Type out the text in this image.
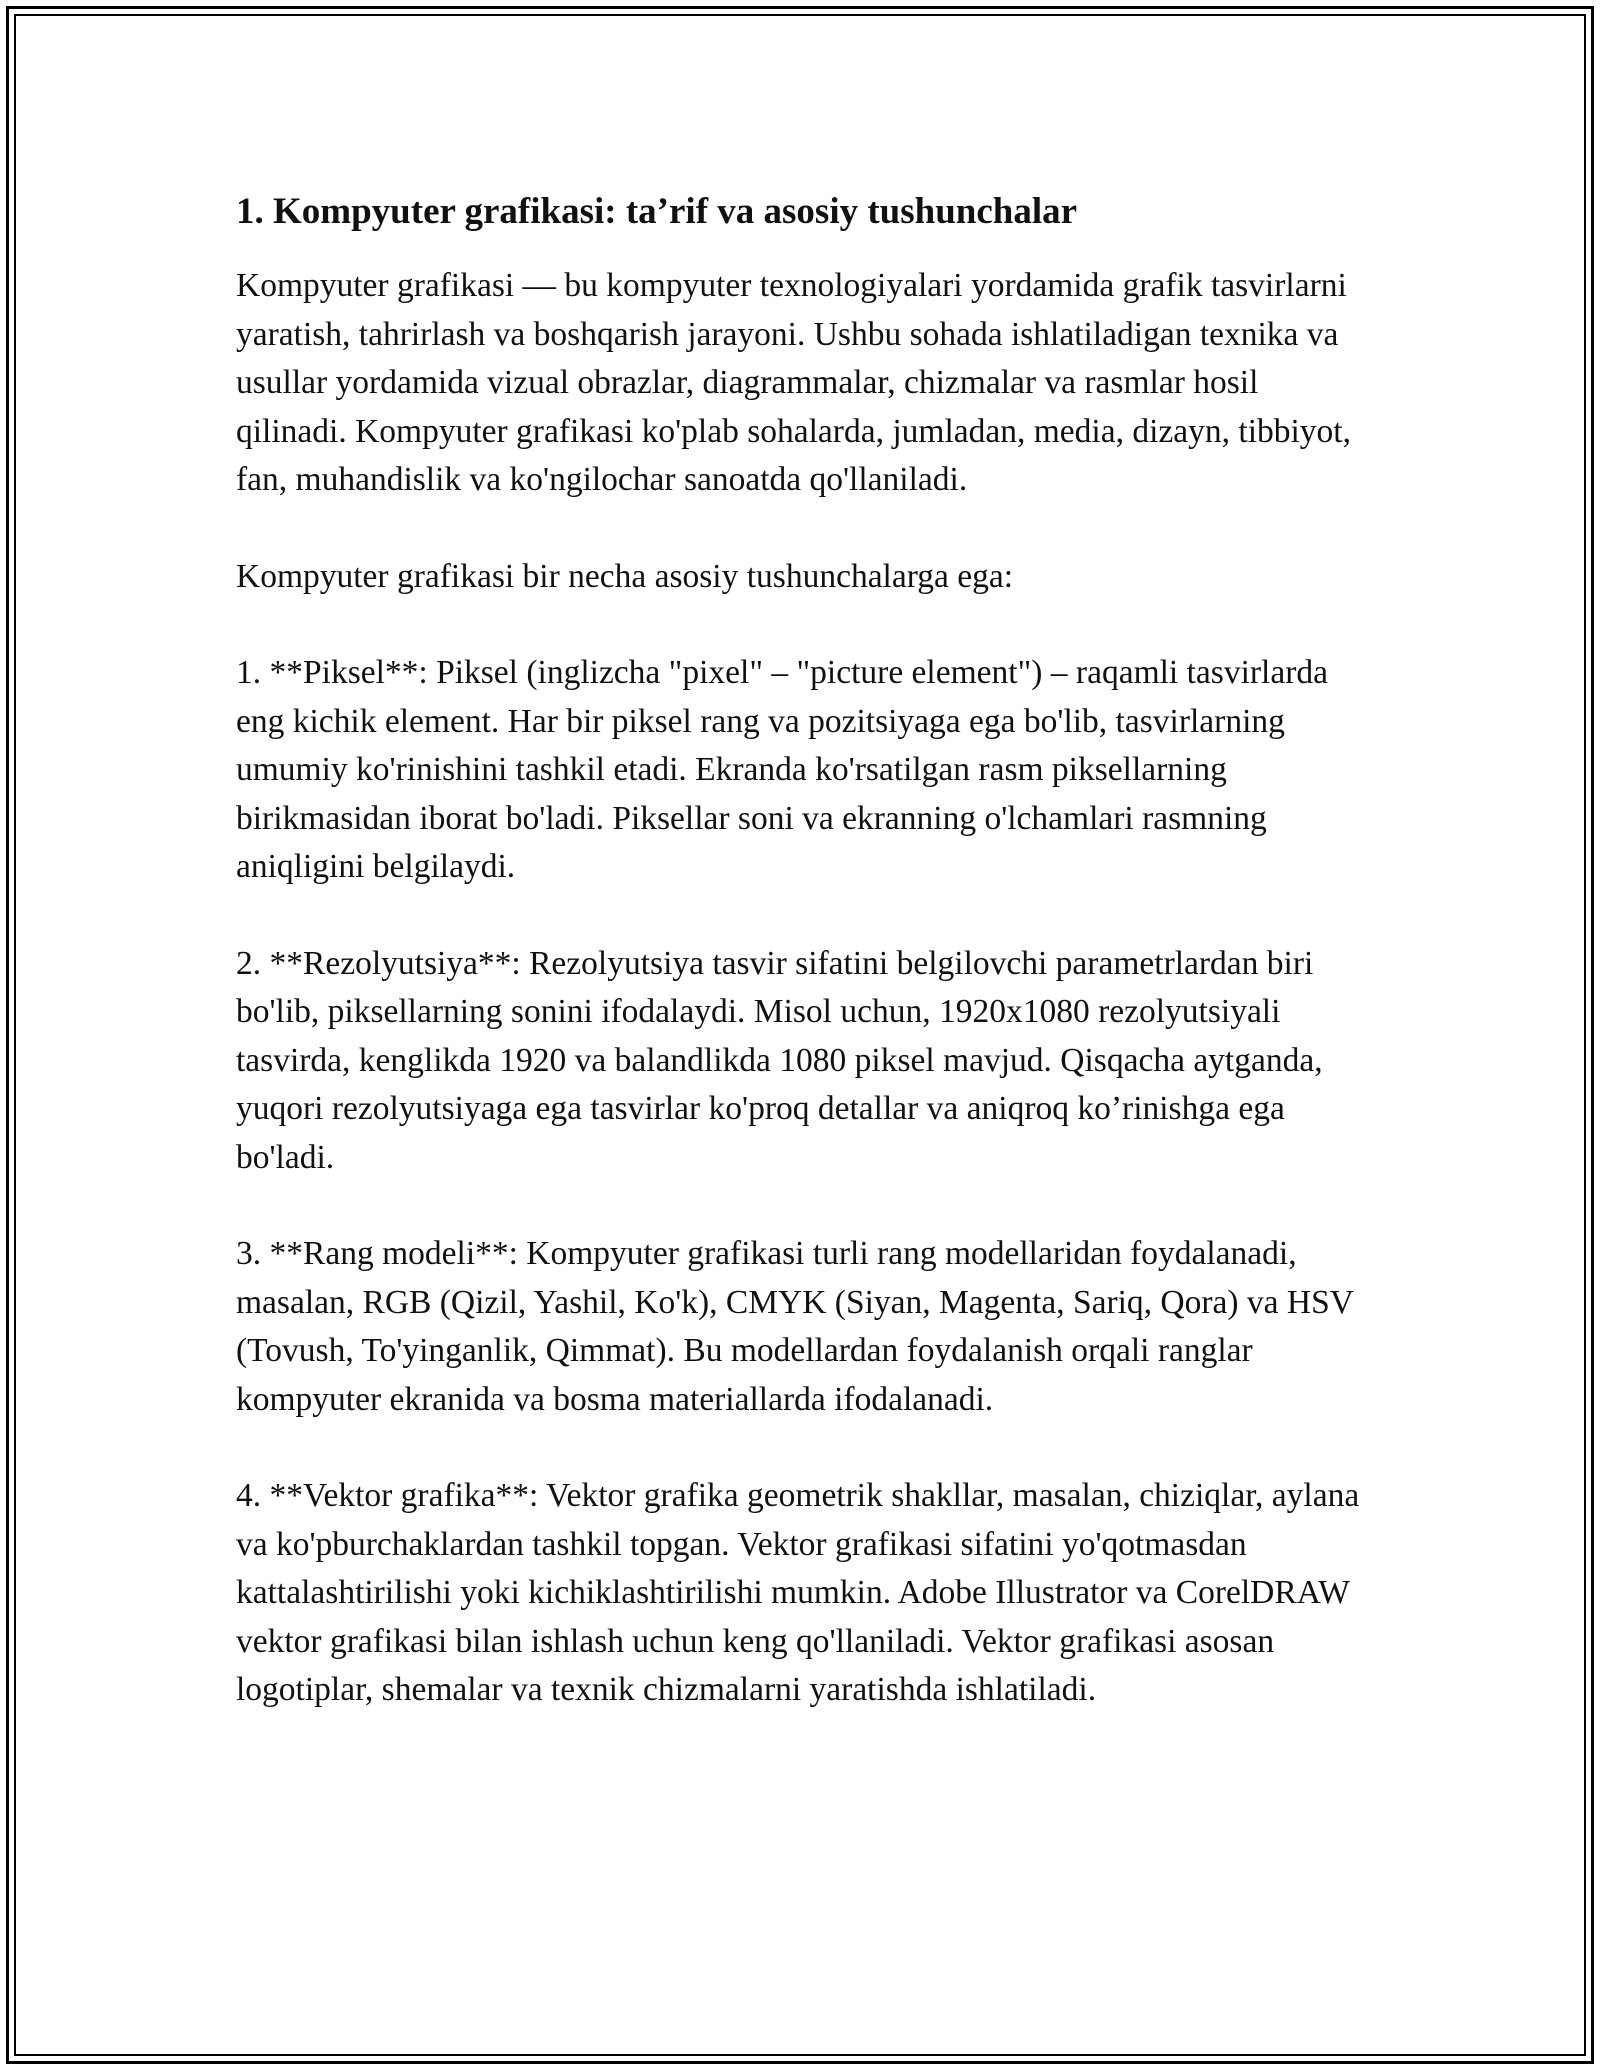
1. Kompyuter grafikasi: ta’rif va asosiy tushunchalar

Kompyuter grafikasi — bu kompyuter texnologiyalari yordamida grafik tasvirlarni yaratish, tahrirlash va boshqarish jarayoni. Ushbu sohada ishlatiladigan texnika va usullar yordamida vizual obrazlar, diagrammalar, chizmalar va rasmlar hosil qilinadi. Kompyuter grafikasi ko'plab sohalarda, jumladan, media, dizayn, tibbiyot, fan, muhandislik va ko'ngilochar sanoatda qo'llaniladi.

Kompyuter grafikasi bir necha asosiy tushunchalarga ega:

1. **Piksel**: Piksel (inglizcha "pixel" – "picture element") – raqamli tasvirlarda eng kichik element. Har bir piksel rang va pozitsiyaga ega bo'lib, tasvirlarning umumiy ko'rinishini tashkil etadi. Ekranda ko'rsatilgan rasm piksellarning birikmasidan iborat bo'ladi. Piksellar soni va ekranning o'lchamlari rasmning aniqligini belgilaydi.

2. **Rezolyutsiya**: Rezolyutsiya tasvir sifatini belgilovchi parametrlardan biri bo'lib, piksellarning sonini ifodalaydi. Misol uchun, 1920x1080 rezolyutsiyali tasvirda, kenglikda 1920 va balandlikda 1080 piksel mavjud. Qisqacha aytganda, yuqori rezolyutsiyaga ega tasvirlar ko'proq detallar va aniqroq ko’rinishga ega bo'ladi.

3. **Rang modeli**: Kompyuter grafikasi turli rang modellaridan foydalanadi, masalan, RGB (Qizil, Yashil, Ko'k), CMYK (Siyan, Magenta, Sariq, Qora) va HSV (Tovush, To'yinganlik, Qimmat). Bu modellardan foydalanish orqali ranglar kompyuter ekranida va bosma materiallarda ifodalanadi.

4. **Vektor grafika**: Vektor grafika geometrik shakllar, masalan, chiziqlar, aylana va ko'pburchaklardan tashkil topgan. Vektor grafikasi sifatini yo'qotmasdan kattalashtirilishi yoki kichiklashtirilishi mumkin. Adobe Illustrator va CorelDRAW vektor grafikasi bilan ishlash uchun keng qo'llaniladi. Vektor grafikasi asosan logotiplar, shemalar va texnik chizmalarni yaratishda ishlatiladi.
